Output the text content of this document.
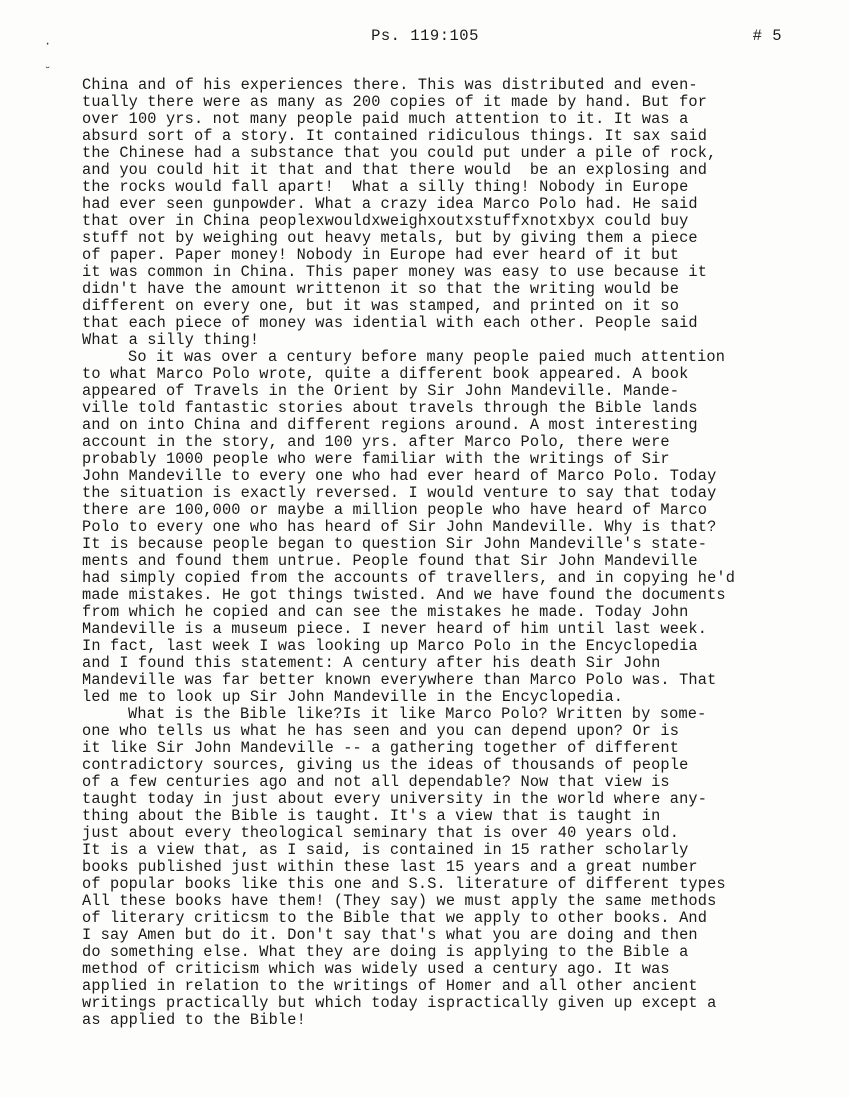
·
˘
Ps. 119:105	# 5
China and of his experiences there. This was distributed and even-
tually there were as many as 200 copies of it made by hand. But for
over 100 yrs. not many people paid much attention to it. It was a
absurd sort of a story. It contained ridiculous things. It sax said
the Chinese had a substance that you could put under a pile of rock,
and you could hit it that and that there would  be an explosing and
the rocks would fall apart!  What a silly thing! Nobody in Europe
had ever seen gunpowder. What a crazy idea Marco Polo had. He said
that over in China peoplexwouldxweighxoutxstuffxnotxbyx could buy
stuff not by weighing out heavy metals, but by giving them a piece
of paper. Paper money! Nobody in Europe had ever heard of it but
it was common in China. This paper money was easy to use because it
didn't have the amount writtenon it so that the writing would be
different on every one, but it was stamped, and printed on it so
that each piece of money was idential with each other. People said
What a silly thing!
So it was over a century before many people paied much attention
to what Marco Polo wrote, quite a different book appeared. A book
appeared of Travels in the Orient by Sir John Mandeville. Mande-
ville told fantastic stories about travels through the Bible lands
and on into China and different regions around. A most interesting
account in the story, and 100 yrs. after Marco Polo, there were
probably 1000 people who were familiar with the writings of Sir
John Mandeville to every one who had ever heard of Marco Polo. Today
the situation is exactly reversed. I would venture to say that today
there are 100,000 or maybe a million people who have heard of Marco
Polo to every one who has heard of Sir John Mandeville. Why is that?
It is because people began to question Sir John Mandeville's state-
ments and found them untrue. People found that Sir John Mandeville
had simply copied from the accounts of travellers, and in copying he'd
made mistakes. He got things twisted. And we have found the documents
from which he copied and can see the mistakes he made. Today John
Mandeville is a museum piece. I never heard of him until last week.
In fact, last week I was looking up Marco Polo in the Encyclopedia
and I found this statement: A century after his death Sir John
Mandeville was far better known everywhere than Marco Polo was. That
led me to look up Sir John Mandeville in the Encyclopedia.
What is the Bible like?Is it like Marco Polo? Written by some-
one who tells us what he has seen and you can depend upon? Or is
it like Sir John Mandeville -- a gathering together of different
contradictory sources, giving us the ideas of thousands of people
of a few centuries ago and not all dependable? Now that view is
taught today in just about every university in the world where any-
thing about the Bible is taught. It's a view that is taught in
just about every theological seminary that is over 40 years old.
It is a view that, as I said, is contained in 15 rather scholarly
books published just within these last 15 years and a great number
of popular books like this one and S.S. literature of different types
All these books have them! (They say) we must apply the same methods
of literary criticsm to the Bible that we apply to other books. And
I say Amen but do it. Don't say that's what you are doing and then
do something else. What they are doing is applying to the Bible a
method of criticism which was widely used a century ago. It was
applied in relation to the writings of Homer and all other ancient
writings practically but which today ispractically given up except a
as applied to the Bible!
